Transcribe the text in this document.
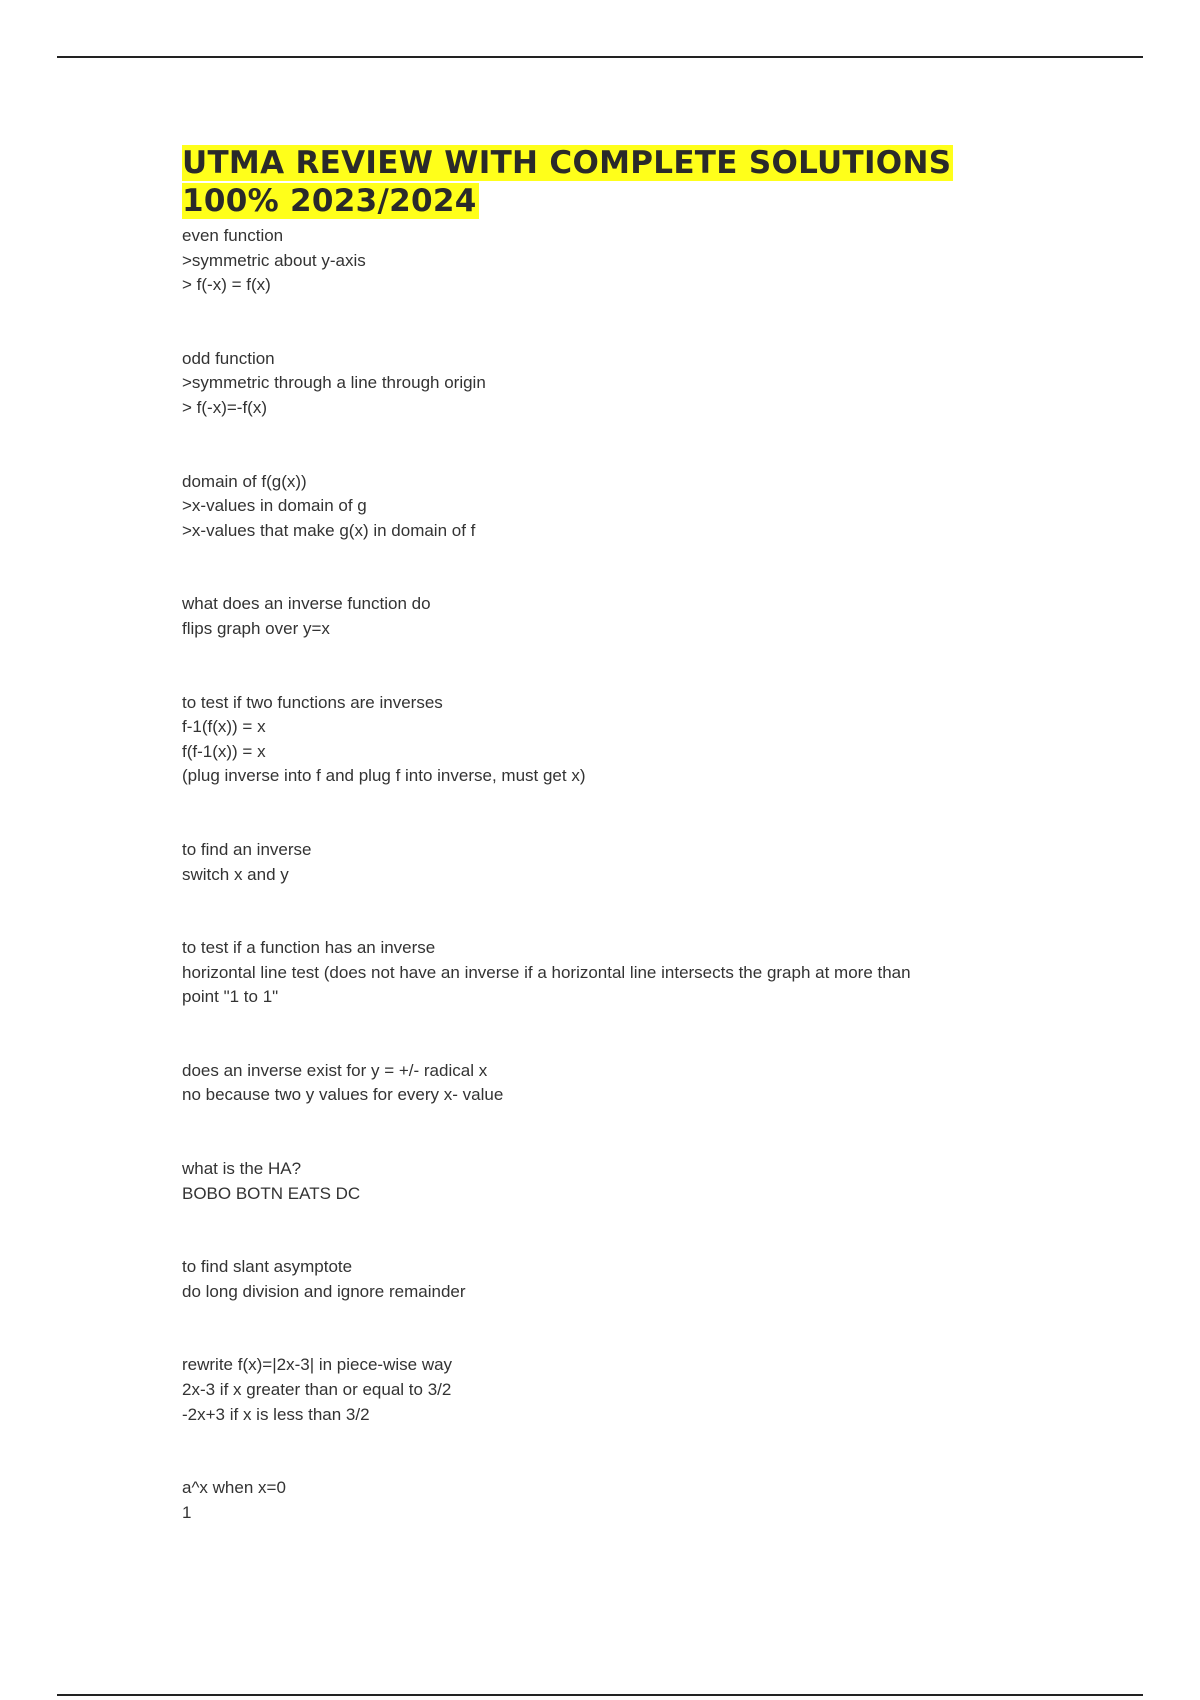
UTMA REVIEW WITH COMPLETE SOLUTIONS
100% 2023/2024
even function
>symmetric about y-axis
> f(-x) = f(x)
odd function
>symmetric through a line through origin
> f(-x)=-f(x)
domain of f(g(x))
>x-values in domain of g
>x-values that make g(x) in domain of f
what does an inverse function do
flips graph over y=x
to test if two functions are inverses
f-1(f(x)) = x
f(f-1(x)) = x
(plug inverse into f and plug f into inverse, must get x)
to find an inverse
switch x and y
to test if a function has an inverse
horizontal line test (does not have an inverse if a horizontal line intersects the graph at more than
point "1 to 1"
does an inverse exist for y = +/- radical x
no because two y values for every x- value
what is the HA?
BOBO BOTN EATS DC
to find slant asymptote
do long division and ignore remainder
rewrite f(x)=|2x-3| in piece-wise way
2x-3 if x greater than or equal to 3/2
-2x+3 if x is less than 3/2
a^x when x=0
1
